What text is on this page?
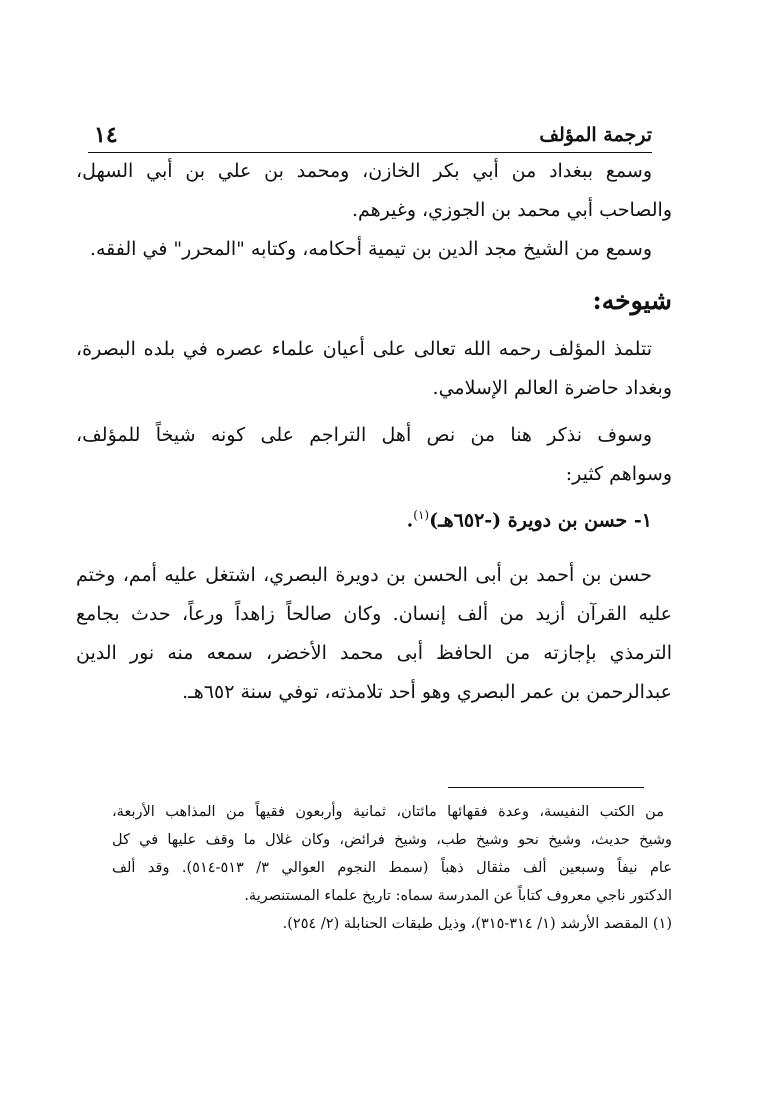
ترجمة المؤلف
١٤
وسمع ببغداد من أبي بكر الخازن، ومحمد بن علي بن أبي السهل،
والصاحب أبي محمد بن الجوزي، وغيرهم.
وسمع من الشيخ مجد الدين بن تيمية أحكامه، وكتابه "المحرر" في الفقه.
شيوخه:
تتلمذ المؤلف رحمه الله تعالى على أعيان علماء عصره في بلده البصرة،
وبغداد حاضرة العالم الإسلامي.
وسوف نذكر هنا من نص أهل التراجم على كونه شيخاً للمؤلف،
وسواهم كثير:
١- حسن بن دويرة (-٦٥٢هـ)$^{(١)}$.
حسن بن أحمد بن أبى الحسن بن دويرة البصري، اشتغل عليه أمم، وختم
عليه القرآن أزيد من ألف إنسان. وكان صالحاً زاهداً ورعاً، حدث بجامع
الترمذي بإجازته من الحافظ أبى محمد الأخضر، سمعه منه نور الدين
عبدالرحمن بن عمر البصري وهو أحد تلامذته، توفي سنة ٦٥٢هـ.
من الكتب النفيسة، وعدة فقهائها مائتان، ثمانية وأربعون فقيهاً من المذاهب الأربعة،
وشيخ حديث، وشيخ نحو وشيخ طب، وشيخ فرائض، وكان غلال ما وقف عليها في كل
عام نيفاً وسبعين ألف مثقال ذهباً (سمط النجوم العوالي ٣/ ٥١٣-٥١٤). وقد ألف
الدكتور ناجي معروف كتاباً عن المدرسة سماه: تاريخ علماء المستنصرية.
(١) المقصد الأرشد (١/ ٣١٤-٣١٥)، وذيل طبقات الحنابلة (٢/ ٢٥٤).
